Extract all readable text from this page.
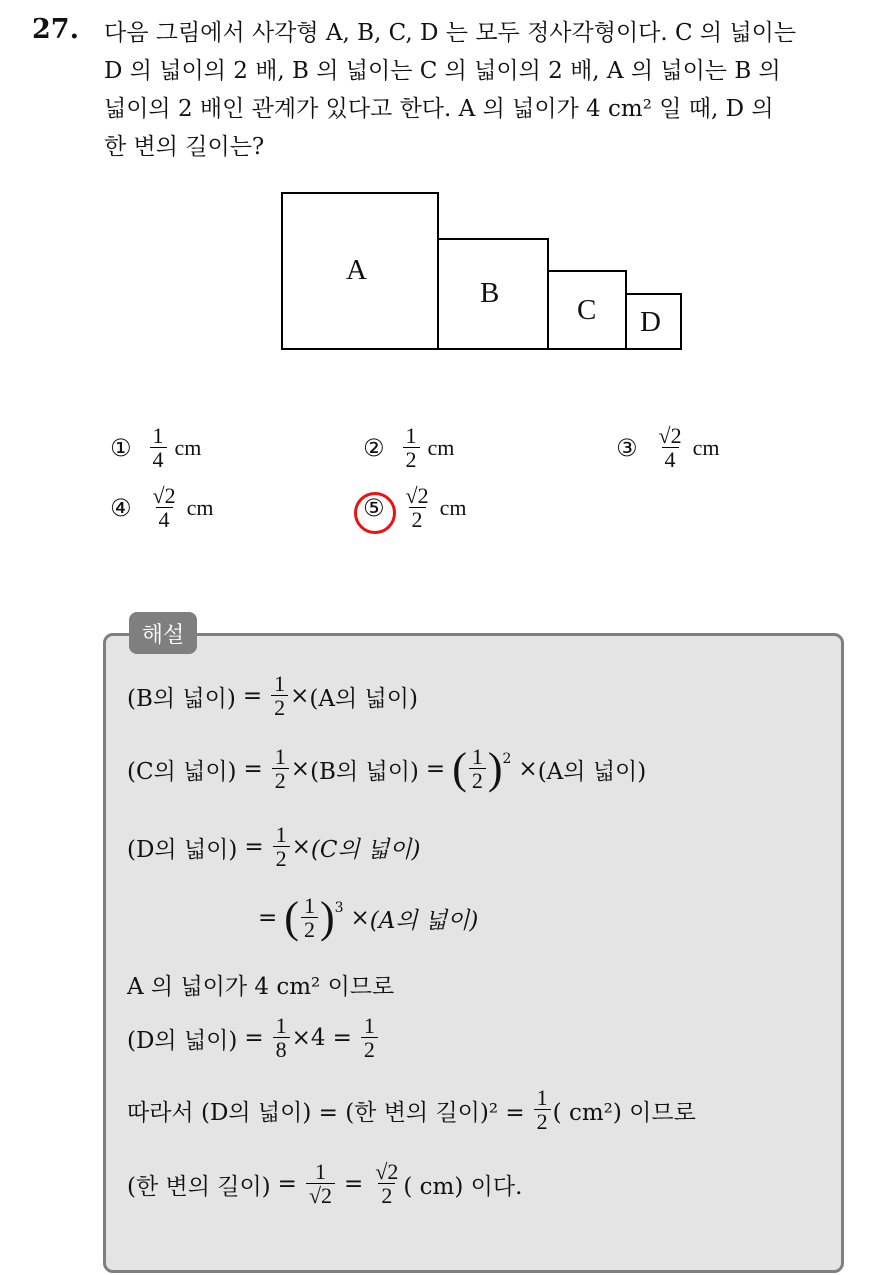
27. 다음 그림에서 사각형 A, B, C, D 는 모두 정사각형이다. C 의 넓이는
D 의 넓이의 2 배, B 의 넓이는 C 의 넓이의 2 배, A 의 넓이는 B 의
넓이의 2 배인 관계가 있다고 한다. A 의 넓이가 4 cm² 일 때, D 의
한 변의 길이는?
A
B
C D
① $\frac{1}{4}$ cm	② $\frac{1}{2}$ cm	③ $\frac{√2}{4}$ cm
④ $\frac{√2}{4}$ cm	⑤ $\frac{√2}{2}$ cm
해설
(B의 넓이) = $\frac{1}{2} \times (A$의 넓이)
(C의 넓이) = $\frac{1}{2} \times (B$의 넓이) = ( $\frac{1}{2}$ ) 2 × (A의 넓이)
(D의 넓이) = $\frac{1}{2} \times (C$의 넓이)
= ( $\frac{1}{2}$ ) 3 × (A의 넓이)
A 의 넓이가 4 cm² 이므로
(D의 넓이) = $\frac{1}{8} \times 4 = \frac{1}{2}$
따라서 (D의 넓이) = (한 변의 길이)$^2 = \frac{1}{2}$ ( cm²) 이므로
(한 변의 길이) = $\frac{1}{√2} = \frac{√2}{2}$ ( cm) 이다.
